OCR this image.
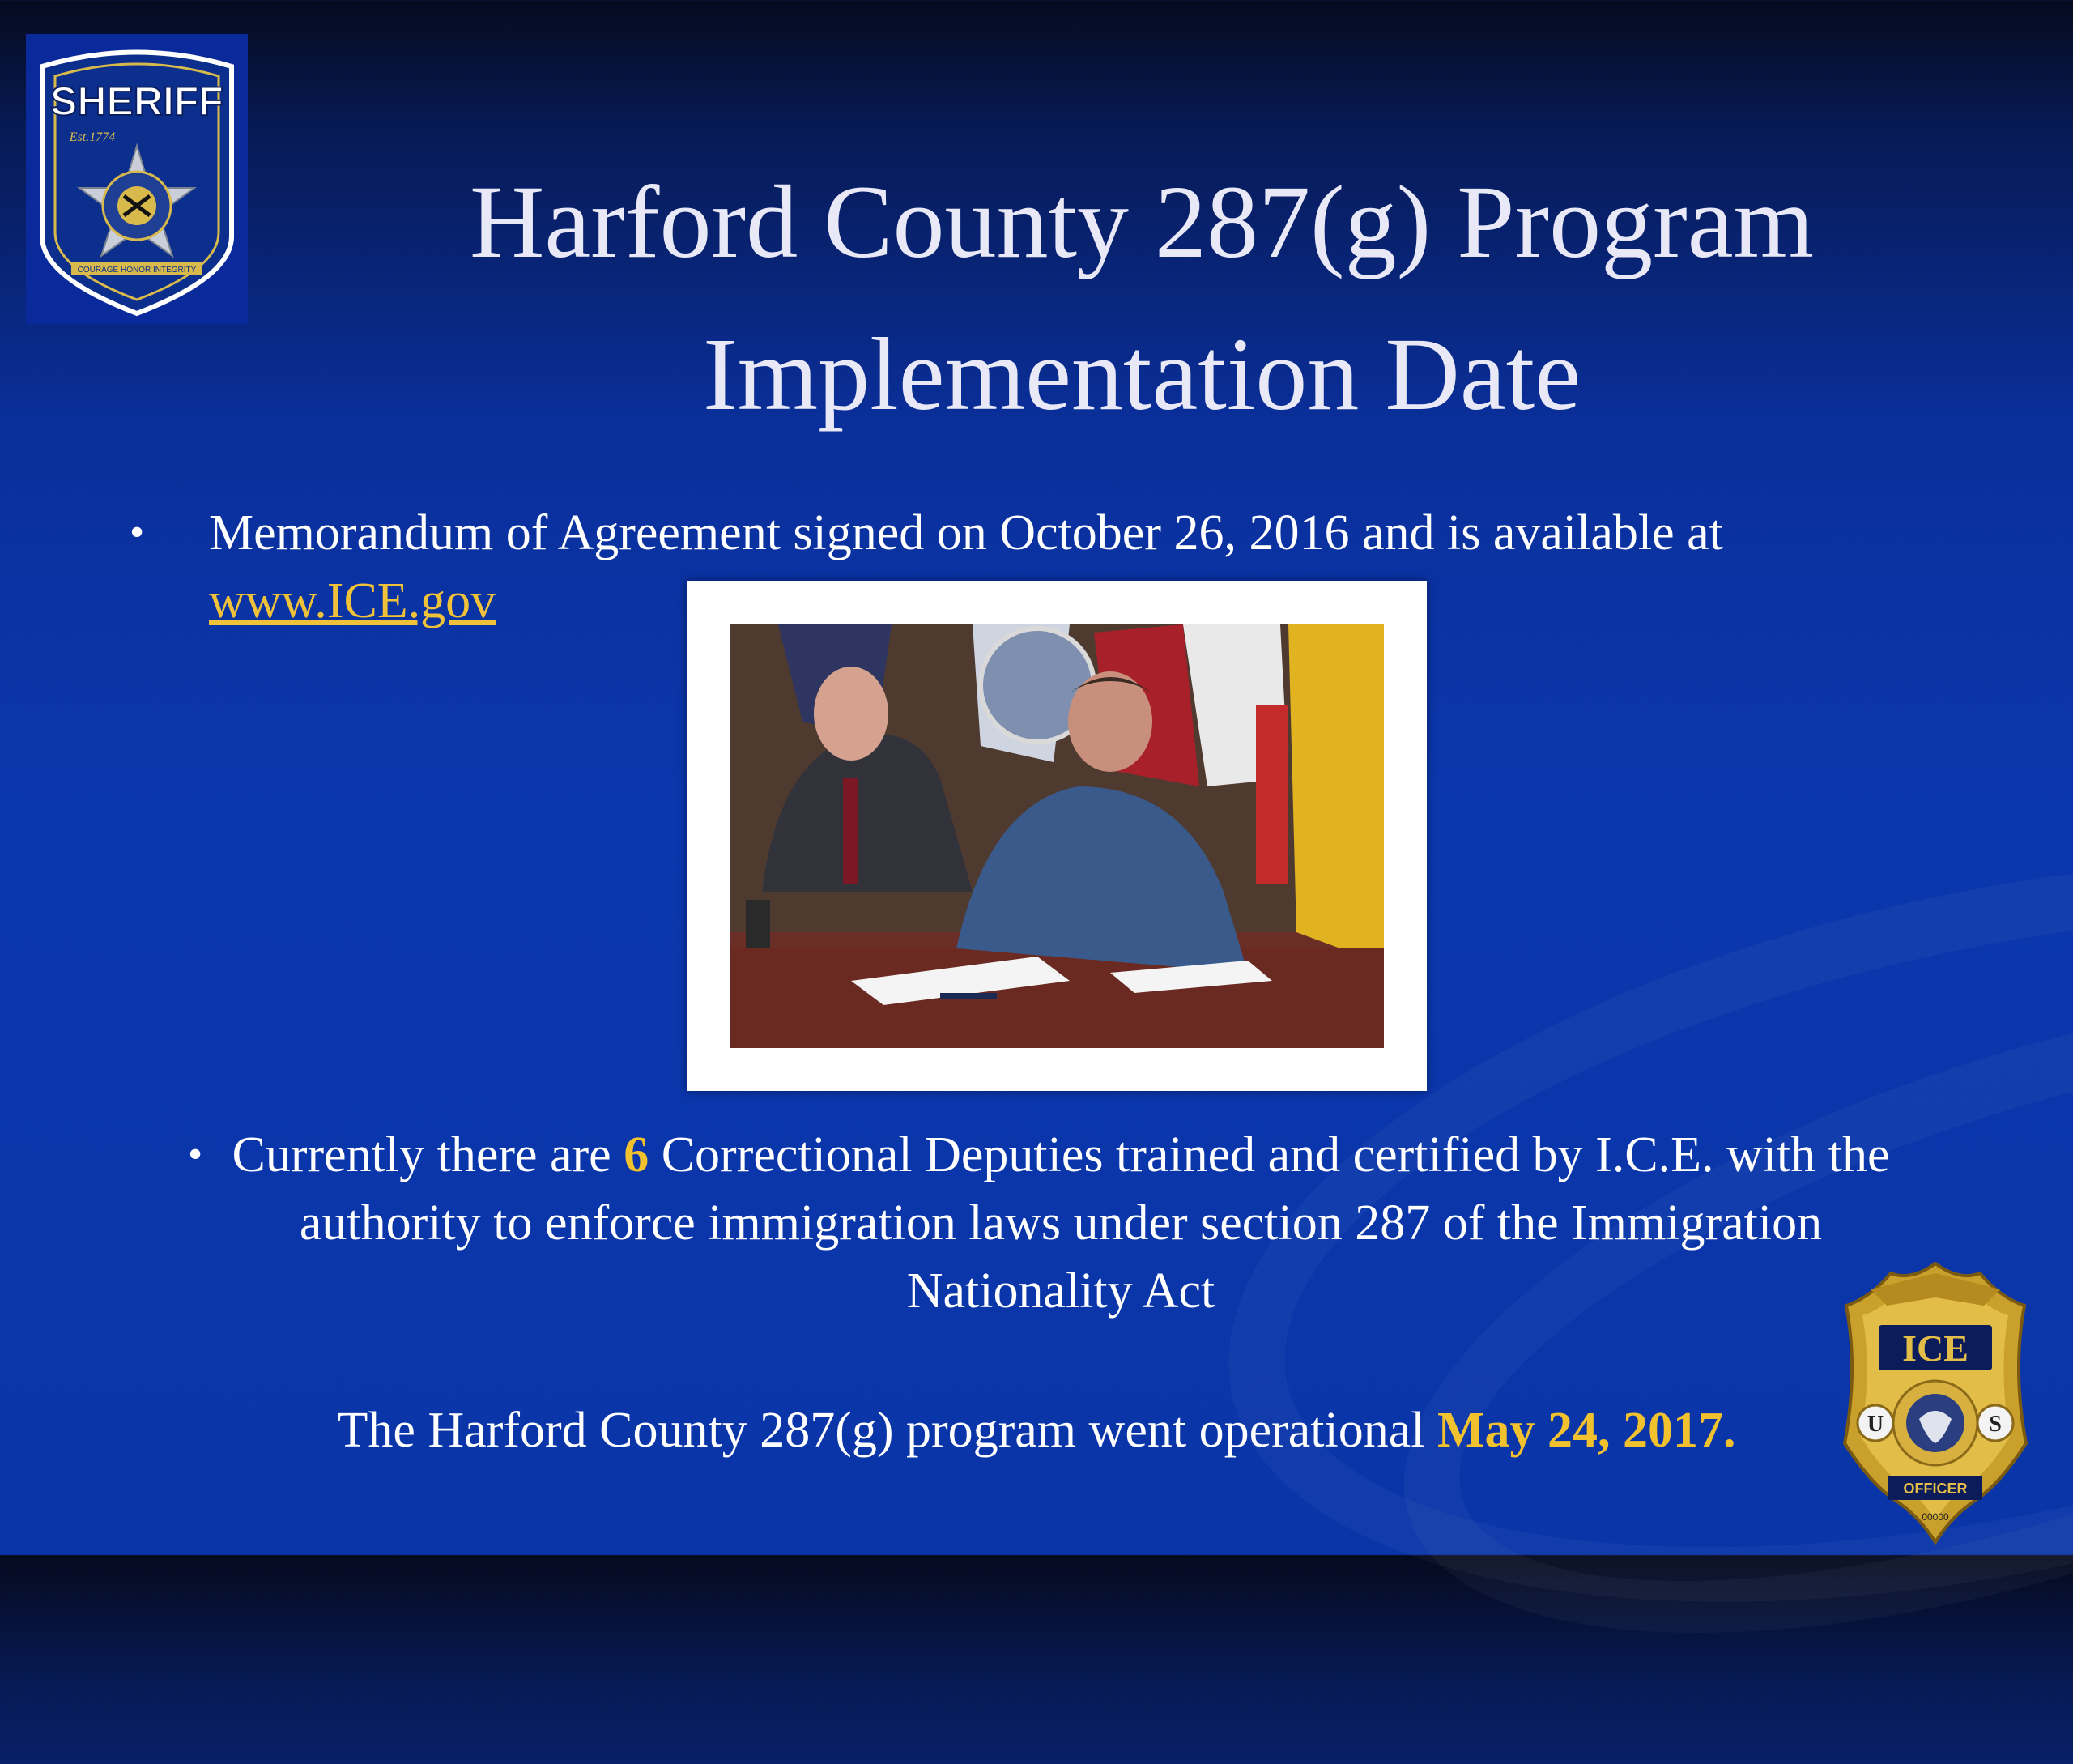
SHERIFF
Est.1774
COURAGE HONOR INTEGRITY	Harford County 287(g) Program
Implementation Date
• Memorandum of Agreement signed on October 26, 2016 and is available at www.ICE.gov
• Currently there are 6 Correctional Deputies trained and certified by I.C.E. with the authority to enforce immigration laws under section 287 of the Immigration Nationality Act
The Harford County 287(g) program went operational May 24, 2017.
ICE
U	S
OFFICER
00000
